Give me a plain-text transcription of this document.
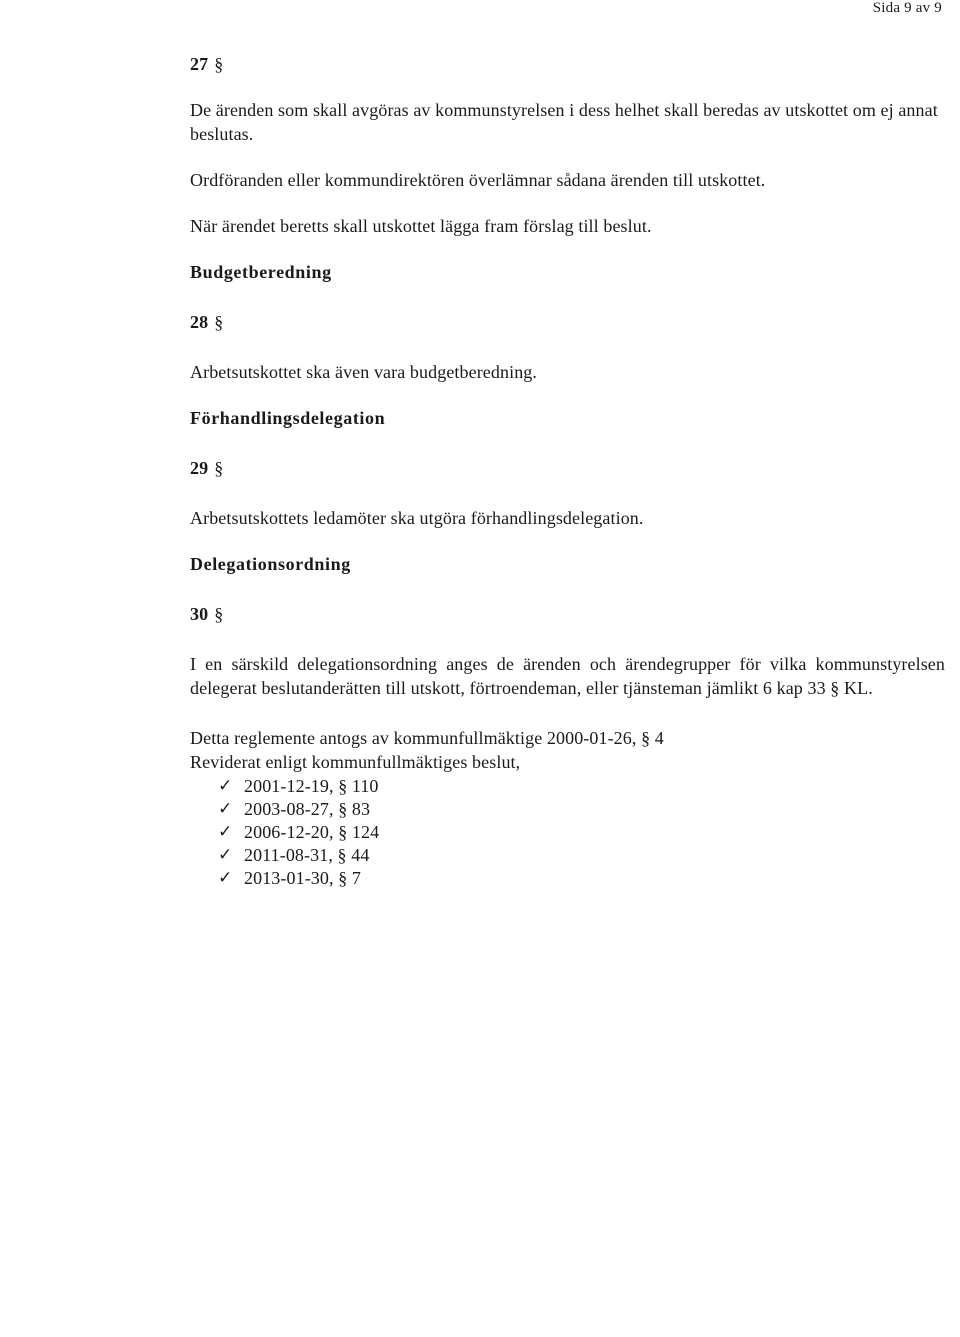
Sida 9 av 9

27 §

De ärenden som skall avgöras av kommunstyrelsen i dess helhet skall beredas av utskottet om ej annat beslutas.

Ordföranden eller kommundirektören överlämnar sådana ärenden till utskottet.

När ärendet beretts skall utskottet lägga fram förslag till beslut.

Budgetberedning

28 §

Arbetsutskottet ska även vara budgetberedning.

Förhandlingsdelegation

29 §

Arbetsutskottets ledamöter ska utgöra förhandlingsdelegation.

Delegationsordning

30 §

I en särskild delegationsordning anges de ärenden och ärendegrupper för vilka kommunstyrelsen delegerat beslutanderätten till utskott, förtroendeman, eller tjänsteman jämlikt 6 kap 33 § KL.

Detta reglemente antogs av kommunfullmäktige 2000-01-26, § 4

Reviderat enligt kommunfullmäktiges beslut,

✓ 2001-12-19, § 110
✓ 2003-08-27, § 83
✓ 2006-12-20, § 124
✓ 2011-08-31, § 44
✓ 2013-01-30, § 7
